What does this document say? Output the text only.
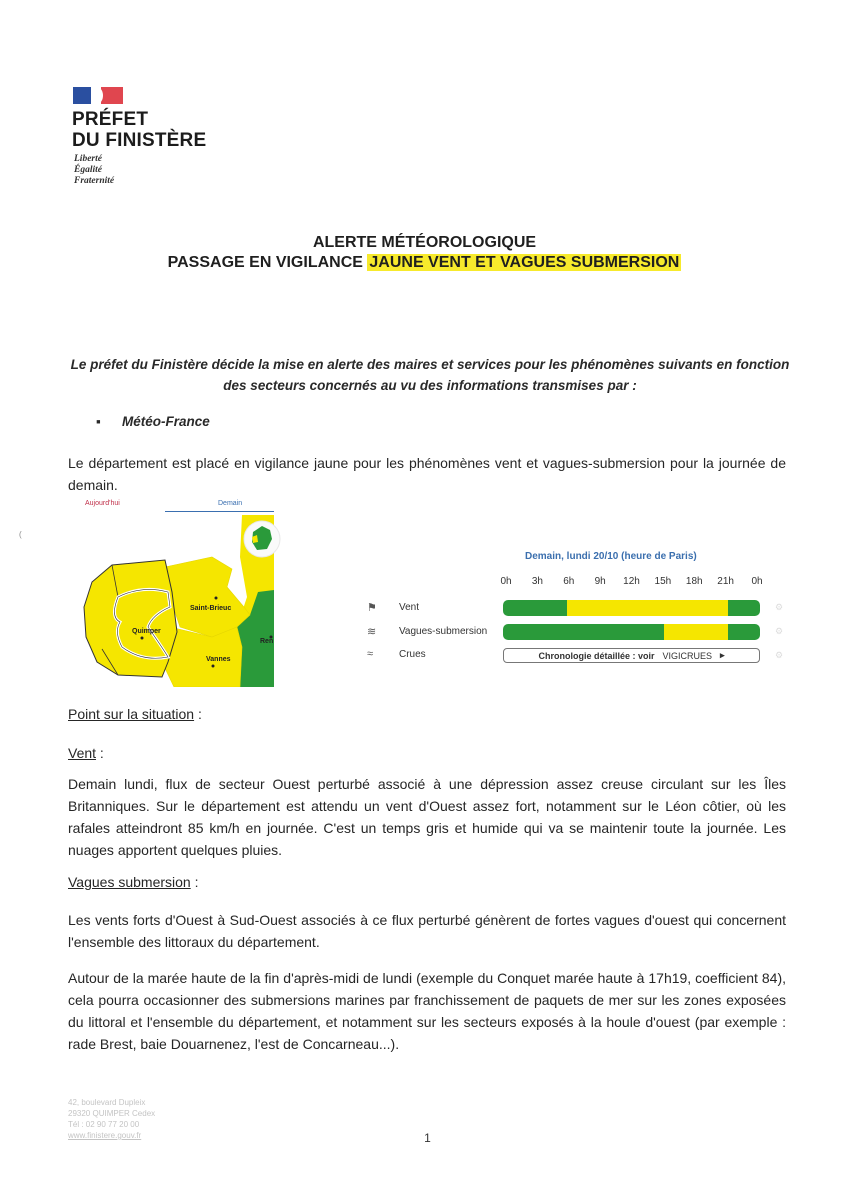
PRÉFET
DU FINISTÈRE
Liberté
Égalité
Fraternité
ALERTE MÉTÉOROLOGIQUE
PASSAGE EN VIGILANCE JAUNE VENT ET VAGUES SUBMERSION
Le préfet du Finistère décide la mise en alerte des maires et services pour les phénomènes suivants en fonction des secteurs concernés au vu des informations transmises par :
▪ Météo-France
Le département est placé en vigilance jaune pour les phénomènes vent et vagues-submersion pour la journée de demain.
(
Aujourd'hui	Demain
Saint-Brieuc
Quimper
Vannes
Ren
Demain, lundi 20/10 (heure de Paris)
0h 3h 6h 9h 12h 15h 18h 21h 0h
⚑ Vent	⚙
≋ Vagues-submersion	⚙
≈	Crues	Chronologie détaillée : voir VIGICRUES ▸	⚙
Point sur la situation :
Vent :
Demain lundi, flux de secteur Ouest perturbé associé à une dépression assez creuse circulant sur les Îles Britanniques. Sur le département est attendu un vent d'Ouest assez fort, notamment sur le Léon côtier, où les rafales atteindront 85 km/h en journée. C'est un temps gris et humide qui va se maintenir toute la journée. Les nuages apportent quelques pluies.
Vagues submersion :
Les vents forts d'Ouest à Sud-Ouest associés à ce flux perturbé génèrent de fortes vagues d'ouest qui concernent l'ensemble des littoraux du département.
Autour de la marée haute de la fin d'après-midi de lundi (exemple du Conquet marée haute à 17h19, coefficient 84), cela pourra occasionner des submersions marines par franchissement de paquets de mer sur les zones exposées du littoral et l'ensemble du département, et notamment sur les secteurs exposés à la houle d'ouest (par exemple : rade Brest, baie Douarnenez, l'est de Concarneau...).
42, boulevard Dupleix
29320 QUIMPER Cedex
Tél : 02 90 77 20 00
www.finistere.gouv.fr	1
